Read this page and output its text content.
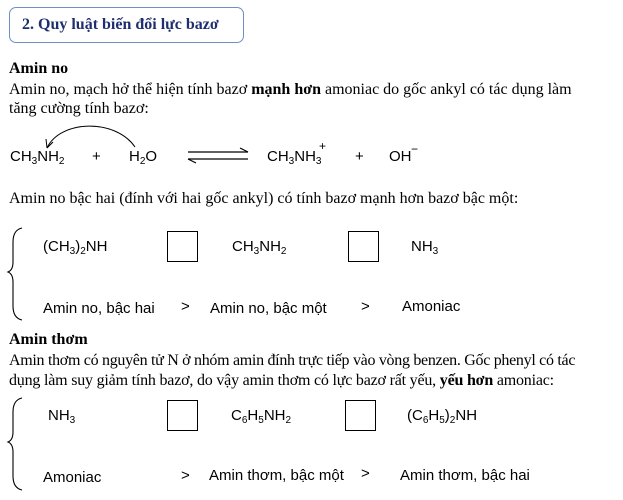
2. Quy luật biến đổi lực bazơ
Amin no
Amin no, mạch hở thể hiện tính bazơ mạnh hơn amoniac do gốc ankyl có tác dụng làm
tăng cường tính bazơ:
$CH_3NH_2 + H_2O$	$CH_3NH_3$
+
+ OH −
Amin no bậc hai (đính với hai gốc ankyl) có tính bazơ mạnh hơn bazơ bậc một:
$(CH_3)_2NH$	$CH_3NH_2$	$NH_3$
Amin no, bậc hai > Amin no, bậc một > Amoniac
Amin thơm
Amin thơm có nguyên tử N ở nhóm amin đính trực tiếp vào vòng benzen. Gốc phenyl có tác
dụng làm suy giảm tính bazơ, do vậy amin thơm có lực bazơ rất yếu, yếu hơn amoniac:
$NH_3$	$C_6H_5NH_2$	$(C_6H_5)_2NH$
Amoniac	> Amin thơm, bậc một > Amin thơm, bậc hai
